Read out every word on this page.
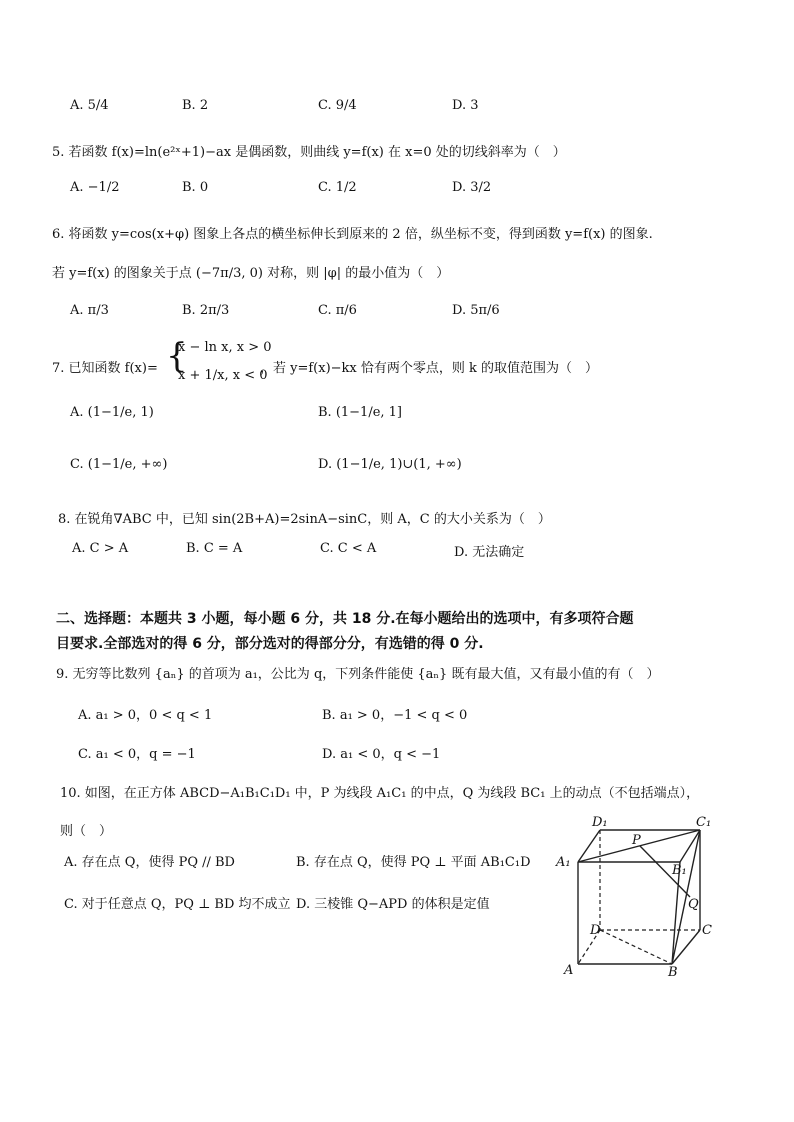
A. 5/4	B. 2	C. 9/4	D. 3
5. 若函数 f(x)=ln(e²ˣ+1)−ax 是偶函数，则曲线 y=f(x) 在 x=0 处的切线斜率为（　）
A. −1/2	B. 0	C. 1/2	D. 3/2
6. 将函数 y=cos(x+φ) 图象上各点的横坐标伸长到原来的 2 倍，纵坐标不变，得到函数 y=f(x) 的图象.
若 y=f(x) 的图象关于点 (−7π/3, 0) 对称，则 |φ| 的最小值为（　）
A. π/3	B. 2π/3	C. π/6	D. 5π/6
7. 已知函数 f(x)= {
x − ln x, x > 0
x + 1/x, x < 0
，若 y=f(x)−kx 恰有两个零点，则 k 的取值范围为（　）
A. (1−1/e, 1)	B. (1−1/e, 1]
C. (1−1/e, +∞)	D. (1−1/e, 1)∪(1, +∞)
8. 在锐角∇ABC 中，已知 sin(2B+A)=2sinA−sinC，则 A，C 的大小关系为（　）
A. C > A	B. C = A	C. C < A	D. 无法确定
二、选择题：本题共 3 小题，每小题 6 分，共 18 分.在每小题给出的选项中，有多项符合题
目要求.全部选对的得 6 分，部分选对的得部分分，有选错的得 0 分.
9. 无穷等比数列 {aₙ} 的首项为 a₁，公比为 q，下列条件能使 {aₙ} 既有最大值，又有最小值的有（　）
A. a₁ > 0，0 < q < 1	B. a₁ > 0，−1 < q < 0
C. a₁ < 0，q = −1	D. a₁ < 0，q < −1
10. 如图，在正方体 ABCD−A₁B₁C₁D₁ 中，P 为线段 A₁C₁ 的中点，Q 为线段 BC₁ 上的动点（不包括端点），
则（　）
A. 存在点 Q，使得 PQ // BD	B. 存在点 Q，使得 PQ ⊥ 平面 AB₁C₁D
C. 对于任意点 Q，PQ ⊥ BD 均不成立 D. 三棱锥 Q−APD 的体积是定值
D₁	C₁
A₁
B₁
P
Q
D	C
A	B
